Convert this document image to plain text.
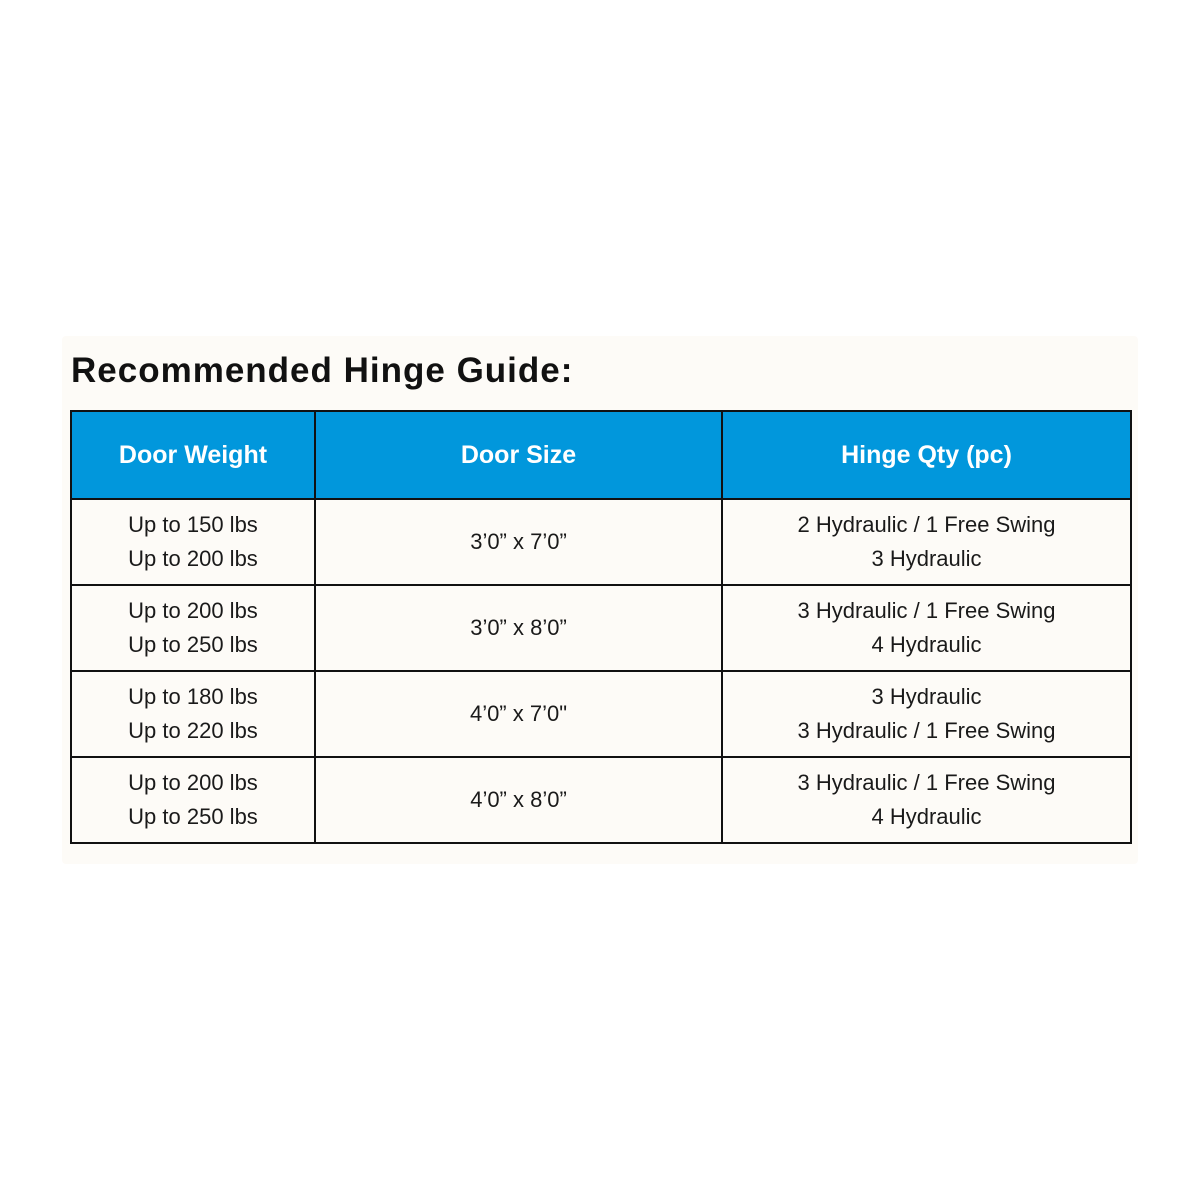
Recommended Hinge Guide:
Door Weight	Door Size	Hinge Qty (pc)

Up to 150 lbs
Up to 200 lbs	3’0” x 7’0”	2 Hydraulic / 1 Free Swing
3 Hydraulic

Up to 200 lbs
Up to 250 lbs	3’0” x 8’0”	3 Hydraulic / 1 Free Swing
4 Hydraulic

Up to 180 lbs
Up to 220 lbs	4’0” x 7’0"	3 Hydraulic
3 Hydraulic / 1 Free Swing

Up to 200 lbs
Up to 250 lbs	4’0” x 8’0”	3 Hydraulic / 1 Free Swing
4 Hydraulic
